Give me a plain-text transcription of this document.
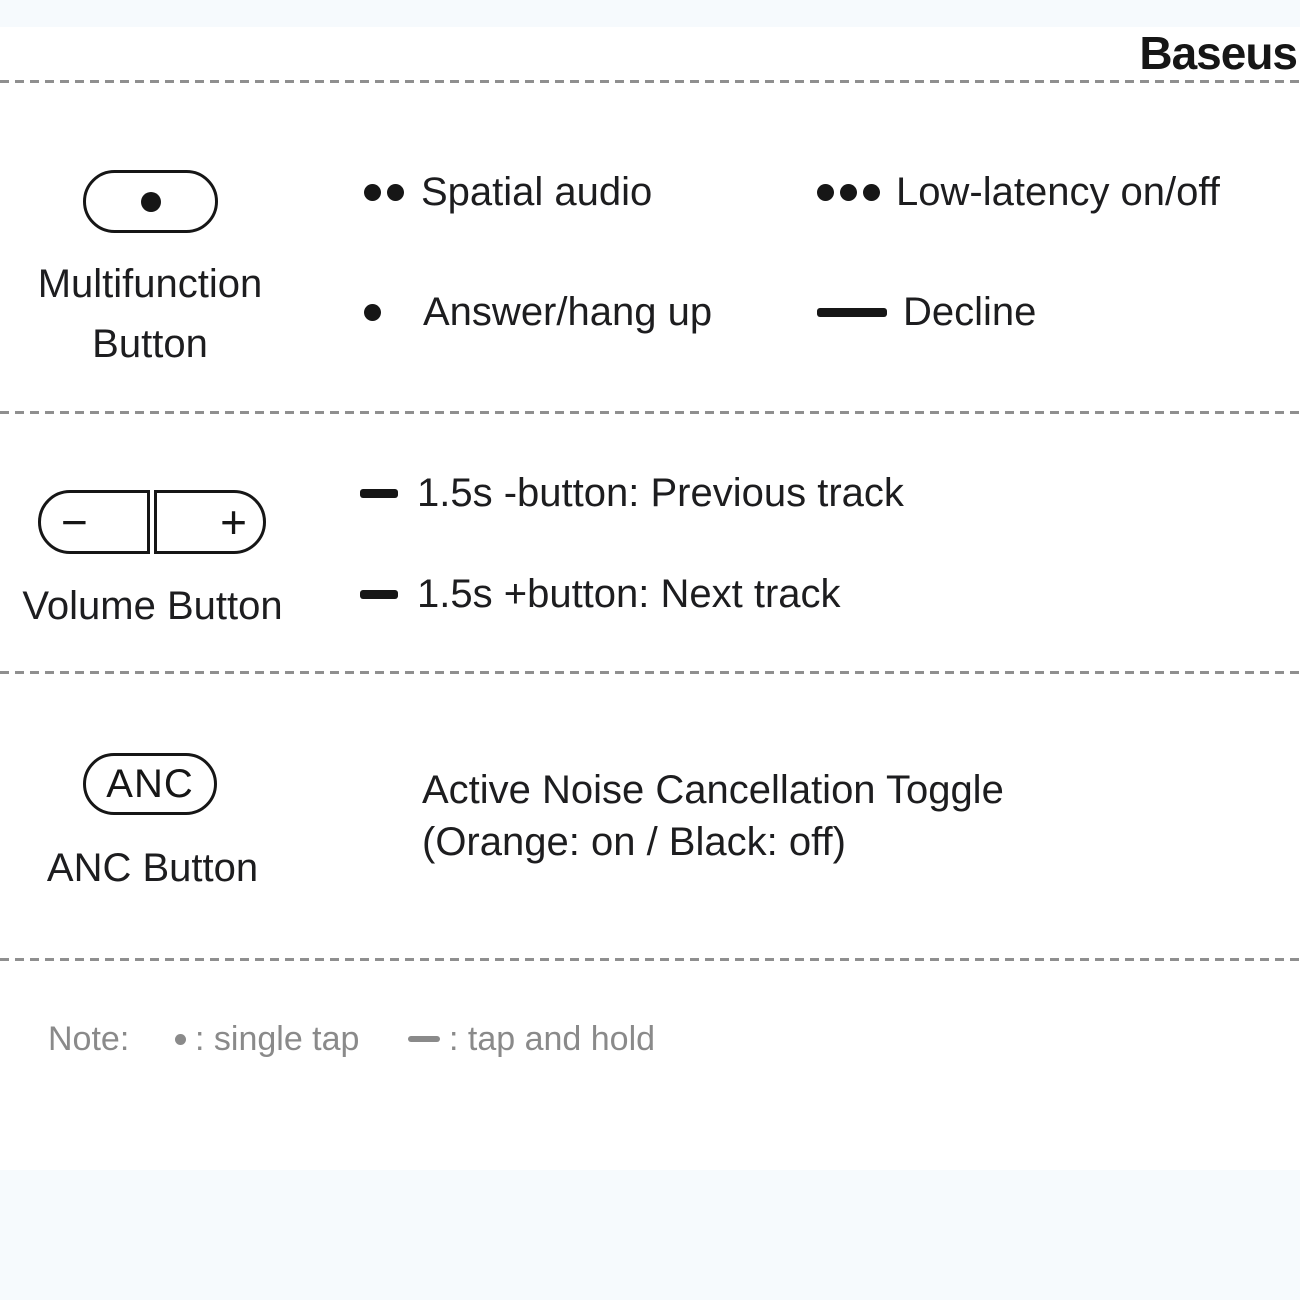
Baseus
Multifunction
Button
Spatial audio	Low-latency on/off
Answer/hang up	Decline
−	+
Volume Button
1.5s -button: Previous track
1.5s +button: Next track
ANC
ANC Button
Active Noise Cancellation Toggle
(Orange: on / Black: off)
Note: : single tap	: tap and hold
